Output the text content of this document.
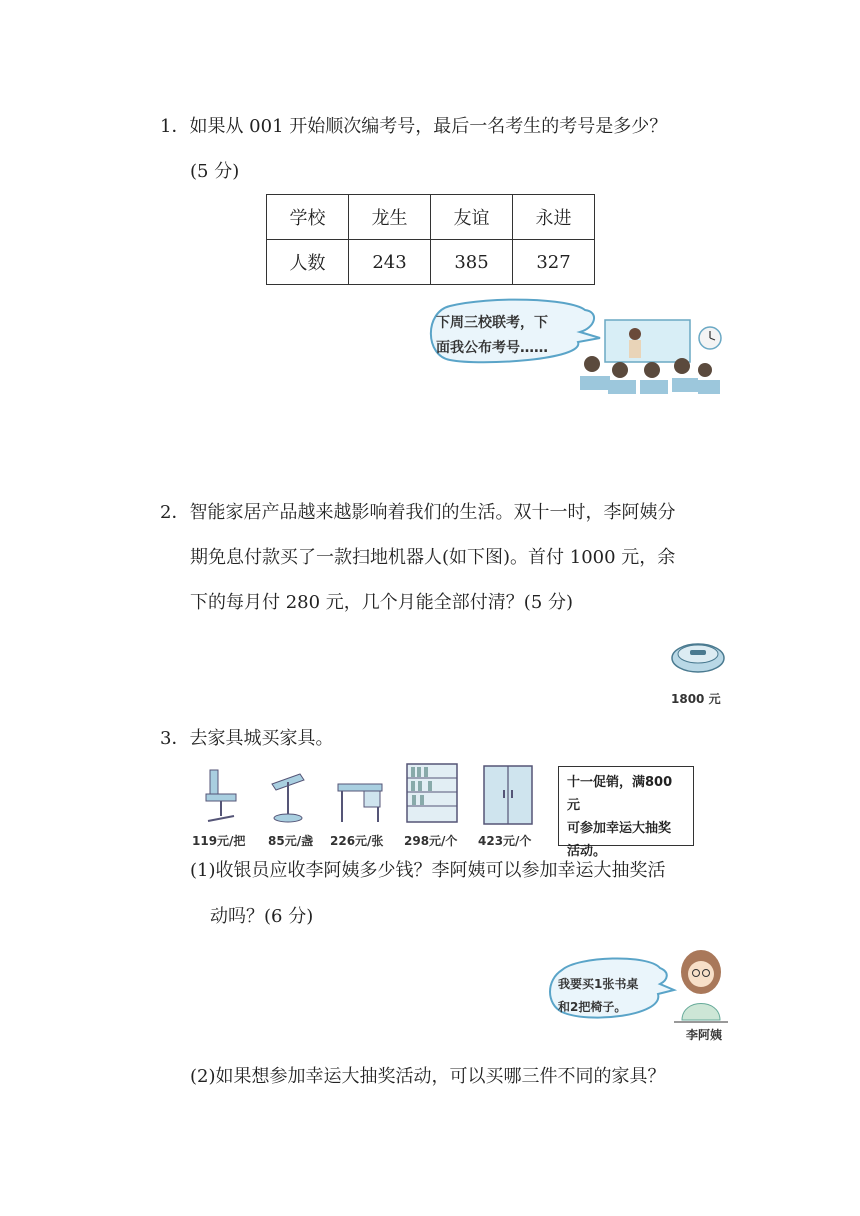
1．如果从 001 开始顺次编考号，最后一名考生的考号是多少？
(5 分)
学校	龙生	友谊	永进
人数	243	385	327
下周三校联考，下
面我公布考号……
2．智能家居产品越来越影响着我们的生活。双十一时，李阿姨分
期免息付款买了一款扫地机器人(如下图)。首付 1000 元，余
下的每月付 280 元，几个月能全部付清？(5 分)
1800 元
3．去家具城买家具。
119元/把 85元/盏 226元/张 298元/个 423元/个
十一促销，满800元
可参加幸运大抽奖
活动。
(1)收银员应收李阿姨多少钱？李阿姨可以参加幸运大抽奖活
动吗？(6 分)
我要买1张书桌
和2把椅子。
李阿姨
(2)如果想参加幸运大抽奖活动，可以买哪三件不同的家具？
